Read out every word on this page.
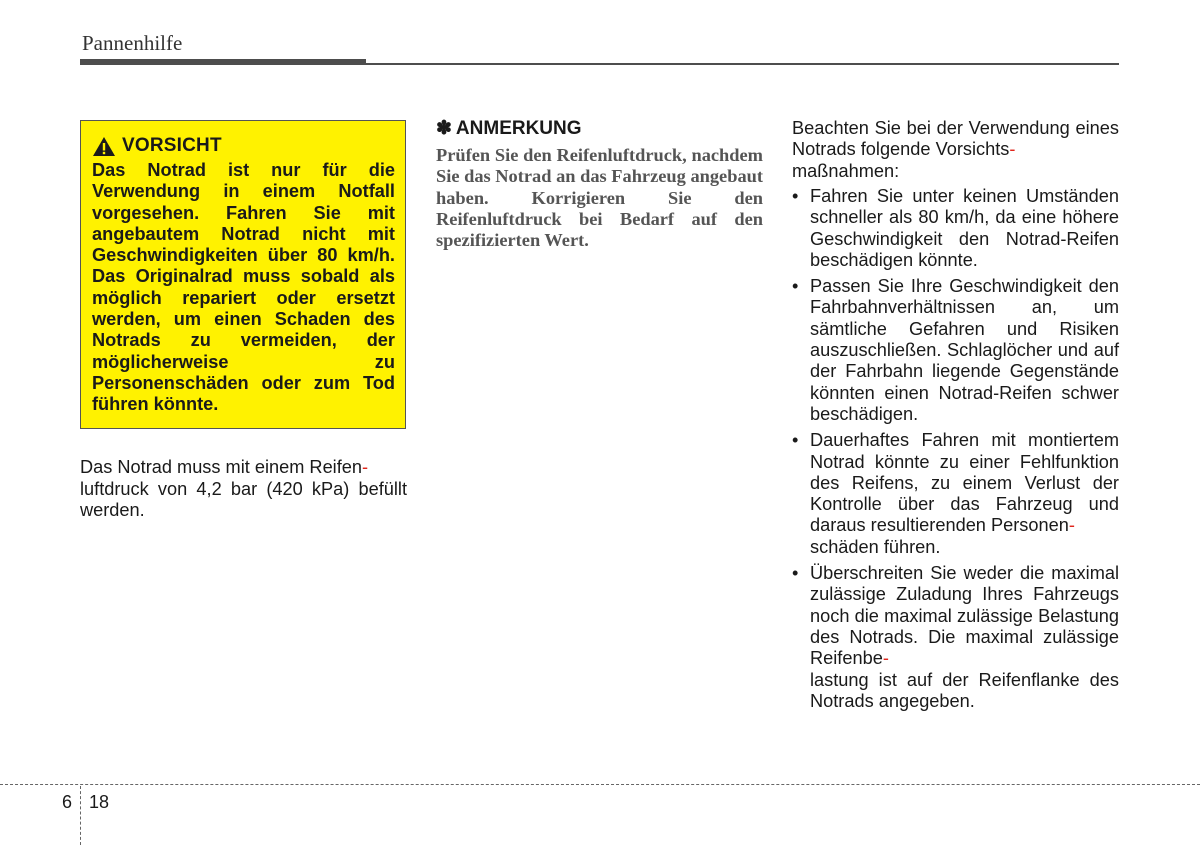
Pannenhilfe
VORSICHT

Das Notrad ist nur für die Verwendung in einem Notfall vorgesehen. Fahren Sie mit angebautem Notrad nicht mit Geschwindigkeiten über 80 km/h. Das Originalrad muss sobald als möglich repariert oder ersetzt werden, um einen Schaden des Notrads zu vermeiden, der möglicherweise zu Personenschäden oder zum Tod führen könnte.

Das Notrad muss mit einem Reifen-
luftdruck von 4,2 bar (420 kPa) befüllt werden.

✽ ANMERKUNG

Prüfen Sie den Reifenluftdruck, nachdem Sie das Notrad an das Fahrzeug angebaut haben. Korrigieren Sie den Reifenluftdruck bei Bedarf auf den spezifizierten Wert.

Beachten Sie bei der Verwendung eines Notrads folgende Vorsichts-
maßnahmen:

• Fahren Sie unter keinen Umständen schneller als 80 km/h, da eine höhere Geschwindigkeit den Notrad-Reifen beschädigen könnte.
• Passen Sie Ihre Geschwindigkeit den Fahrbahnverhältnissen an, um sämtliche Gefahren und Risiken auszuschließen. Schlaglöcher und auf der Fahrbahn liegende Gegenstände könnten einen Notrad-Reifen schwer beschädigen.
• Dauerhaftes Fahren mit montiertem Notrad könnte zu einer Fehlfunktion des Reifens, zu einem Verlust der Kontrolle über das Fahrzeug und daraus resultierenden Personen-
schäden führen.
• Überschreiten Sie weder die maximal zulässige Zuladung Ihres Fahrzeugs noch die maximal zulässige Belastung des Notrads. Die maximal zulässige Reifenbe-
lastung ist auf der Reifenflanke des Notrads angegeben.
6 18
